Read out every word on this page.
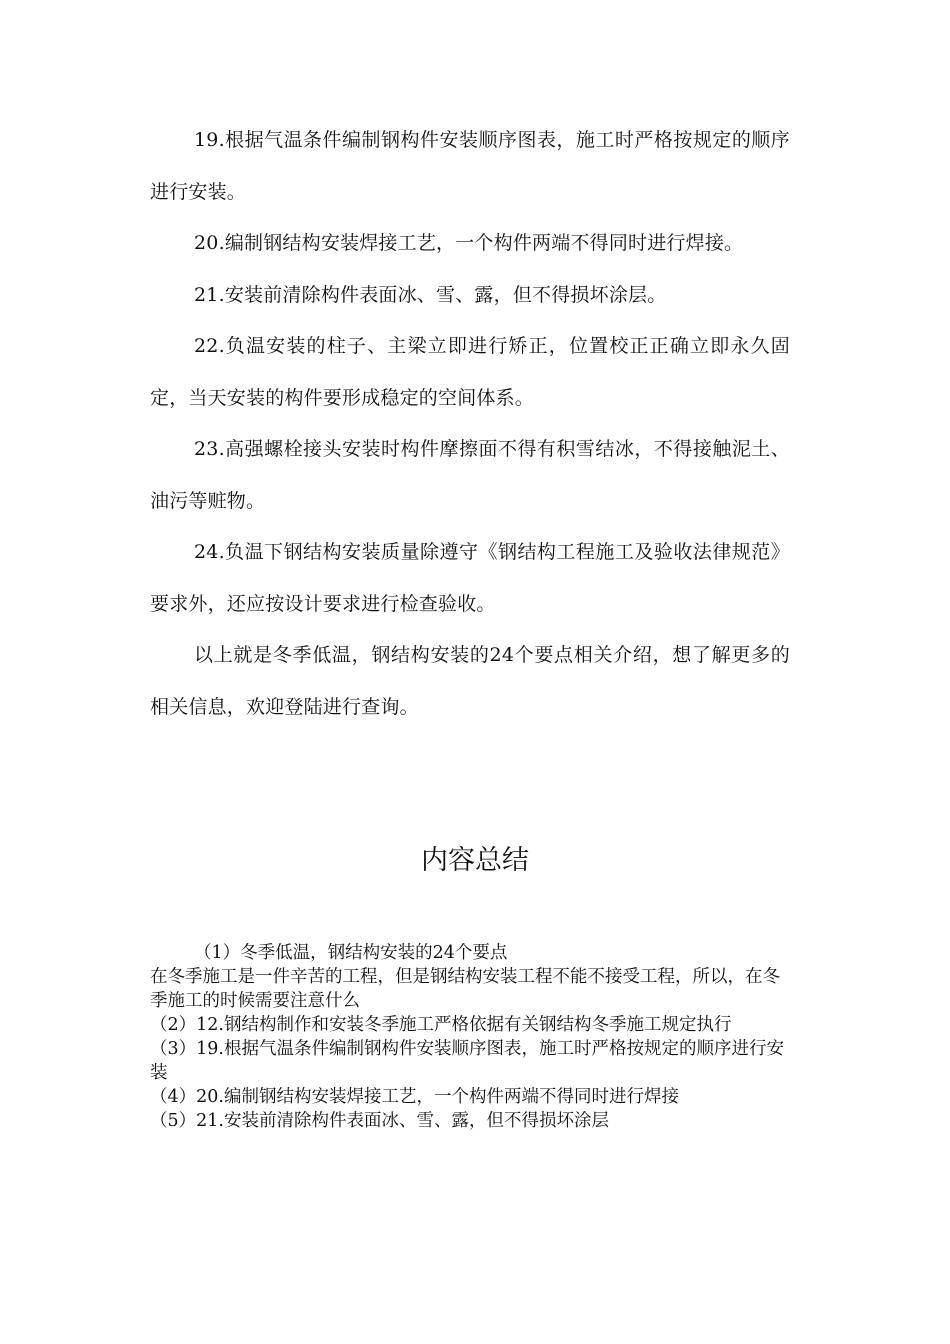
19.根据气温条件编制钢构件安装顺序图表，施工时严格按规定的顺序进行安装。

20.编制钢结构安装焊接工艺，一个构件两端不得同时进行焊接。

21.安装前清除构件表面冰、雪、露，但不得损坏涂层。

22.负温安装的柱子、主梁立即进行矫正，位置校正正确立即永久固定，当天安装的构件要形成稳定的空间体系。

23.高强螺栓接头安装时构件摩擦面不得有积雪结冰，不得接触泥土、油污等赃物。

24.负温下钢结构安装质量除遵守《钢结构工程施工及验收法律规范》要求外，还应按设计要求进行检查验收。

以上就是冬季低温，钢结构安装的24个要点相关介绍，想了解更多的相关信息，欢迎登陆进行查询。

内容总结

（1）冬季低温，钢结构安装的24个要点

在冬季施工是一件辛苦的工程，但是钢结构安装工程不能不接受工程，所以，在冬季施工的时候需要注意什么

（2）12.钢结构制作和安装冬季施工严格依据有关钢结构冬季施工规定执行

（3）19.根据气温条件编制钢构件安装顺序图表，施工时严格按规定的顺序进行安装

（4）20.编制钢结构安装焊接工艺，一个构件两端不得同时进行焊接

（5）21.安装前清除构件表面冰、雪、露，但不得损坏涂层
